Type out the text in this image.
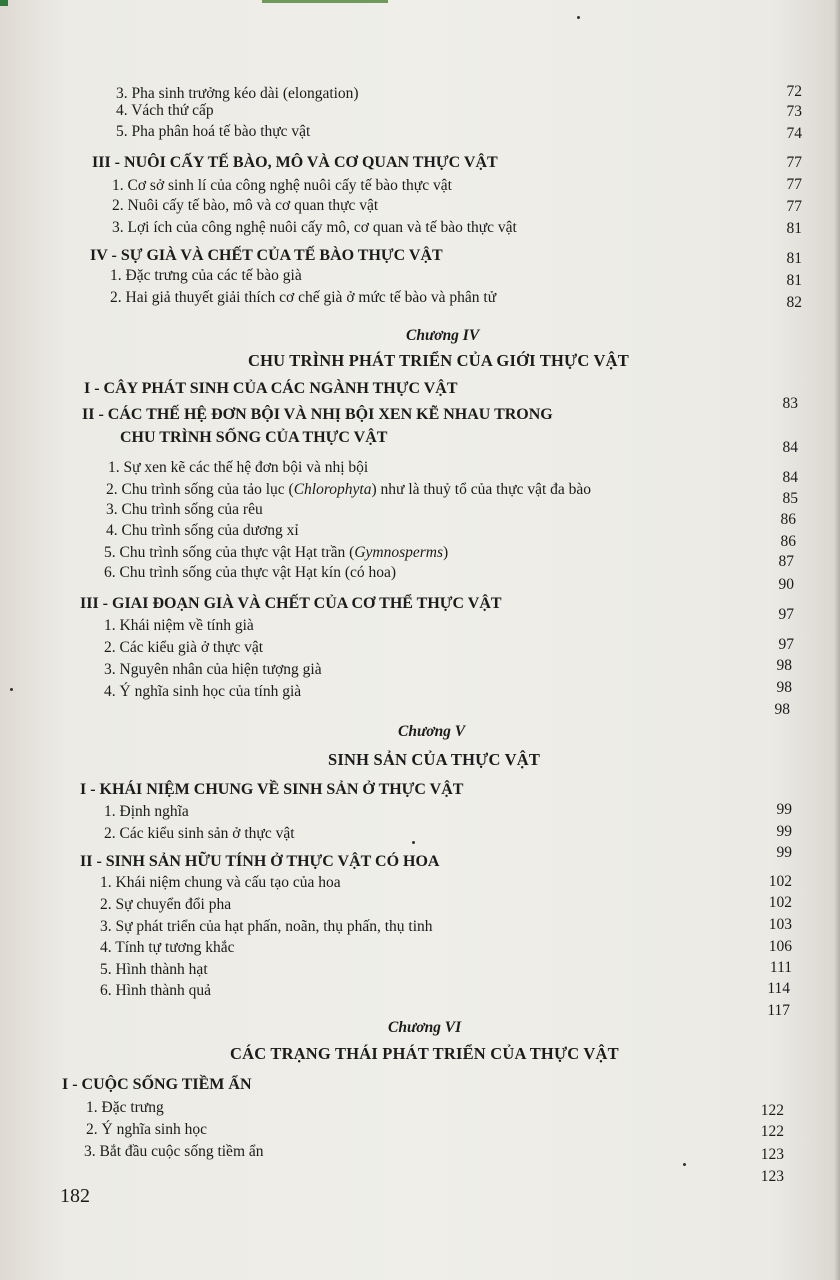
3. Pha sinh trưởng kéo dài (elongation)
4. Vách thứ cấp
5. Pha phân hoá tế bào thực vật
III - NUÔI CẤY TẾ BÀO, MÔ VÀ CƠ QUAN THỰC VẬT
1. Cơ sở sinh lí của công nghệ nuôi cấy tế bào thực vật
2. Nuôi cấy tế bào, mô và cơ quan thực vật
3. Lợi ích của công nghệ nuôi cấy mô, cơ quan và tế bào thực vật
IV - SỰ GIÀ VÀ CHẾT CỦA TẾ BÀO THỰC VẬT
1. Đặc trưng của các tế bào già
2. Hai giả thuyết giải thích cơ chế già ở mức tế bào và phân tử
Chương IV
CHU TRÌNH PHÁT TRIỂN CỦA GIỚI THỰC VẬT
I - CÂY PHÁT SINH CỦA CÁC NGÀNH THỰC VẬT
II - CÁC THẾ HỆ ĐƠN BỘI VÀ NHỊ BỘI XEN KẼ NHAU TRONG
CHU TRÌNH SỐNG CỦA THỰC VẬT
1. Sự xen kẽ các thế hệ đơn bội và nhị bội
2. Chu trình sống của tảo lục (Chlorophyta) như là thuỷ tổ của thực vật đa bào
3. Chu trình sống của rêu
4. Chu trình sống của dương xỉ
5. Chu trình sống của thực vật Hạt trần (Gymnosperms)
6. Chu trình sống của thực vật Hạt kín (có hoa)
III - GIAI ĐOẠN GIÀ VÀ CHẾT CỦA CƠ THỂ THỰC VẬT
1. Khái niệm về tính già
2. Các kiểu già ở thực vật
3. Nguyên nhân của hiện tượng già
4. Ý nghĩa sinh học của tính già
Chương V
SINH SẢN CỦA THỰC VẬT
I - KHÁI NIỆM CHUNG VỀ SINH SẢN Ở THỰC VẬT
1. Định nghĩa
2. Các kiểu sinh sản ở thực vật
II - SINH SẢN HỮU TÍNH Ở THỰC VẬT CÓ HOA
1. Khái niệm chung và cấu tạo của hoa
2. Sự chuyển đổi pha
3. Sự phát triển của hạt phấn, noãn, thụ phấn, thụ tinh
4. Tính tự tương khắc
5. Hình thành hạt
6. Hình thành quả
Chương VI
CÁC TRẠNG THÁI PHÁT TRIỂN CỦA THỰC VẬT
I - CUỘC SỐNG TIỀM ẨN
1. Đặc trưng
2. Ý nghĩa sinh học
3. Bắt đầu cuộc sống tiềm ẩn
72
73
74
77
77
77
81
81
81
82
83
84
84
85
86
86
87
90
97
97
98
98
98
99
99
99
102
102
103
106
111
114
117
122
122
123
123
182
